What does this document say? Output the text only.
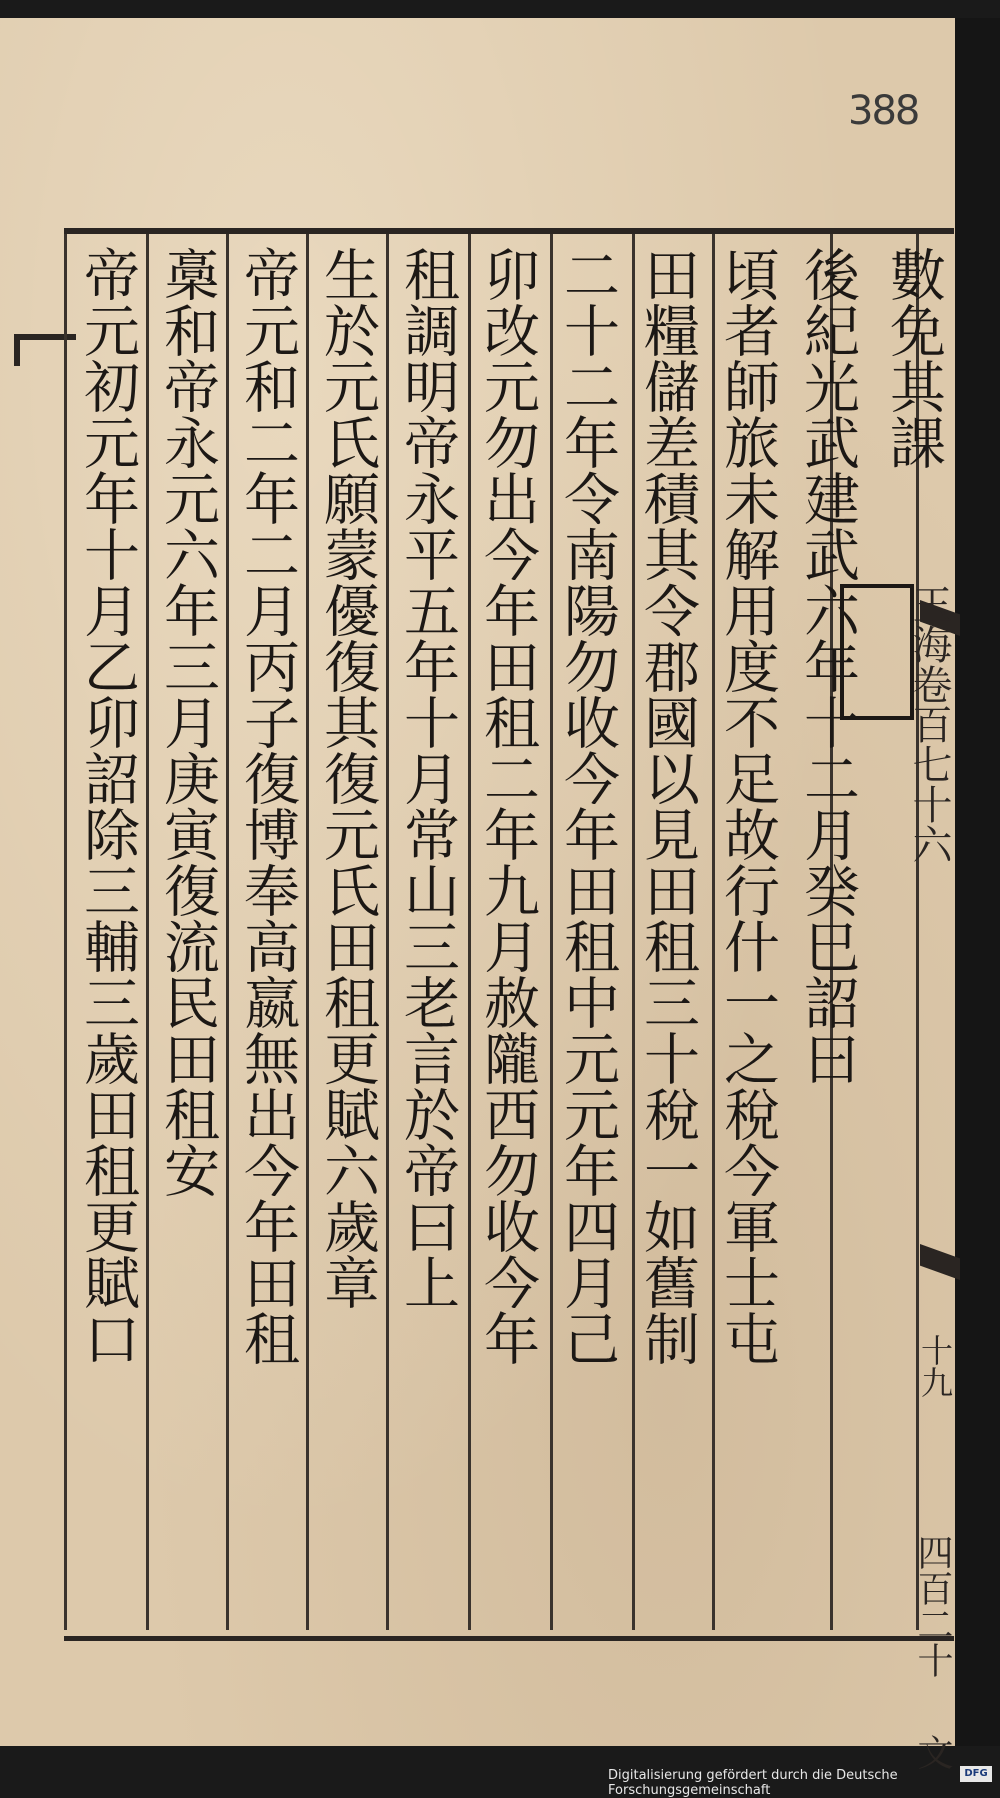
388
數免其課
後紀光武建武六年十二月癸巳詔曰
頃者師旅未解用度不足故行什一之稅今軍士屯
田糧儲差積其令郡國以見田租三十稅一如舊制
二十二年令南陽勿收今年田租中元元年四月己
卯改元勿出今年田租二年九月赦隴西勿收今年
租調明帝永平五年十月常山三老言於帝曰上
生於元氏願蒙優復其復元氏田租更賦六歲章
帝元和二年二月丙子復博奉高嬴無出今年田租
槀和帝永元六年三月庚寅復流民田租安	玉海卷百七十六
十九
四百二十
文
帝元初元年十月乙卯詔除三輔三歲田租更賦口
Digitalisierung gefördert durch die Deutsche Forschungsgemeinschaft
DFG
